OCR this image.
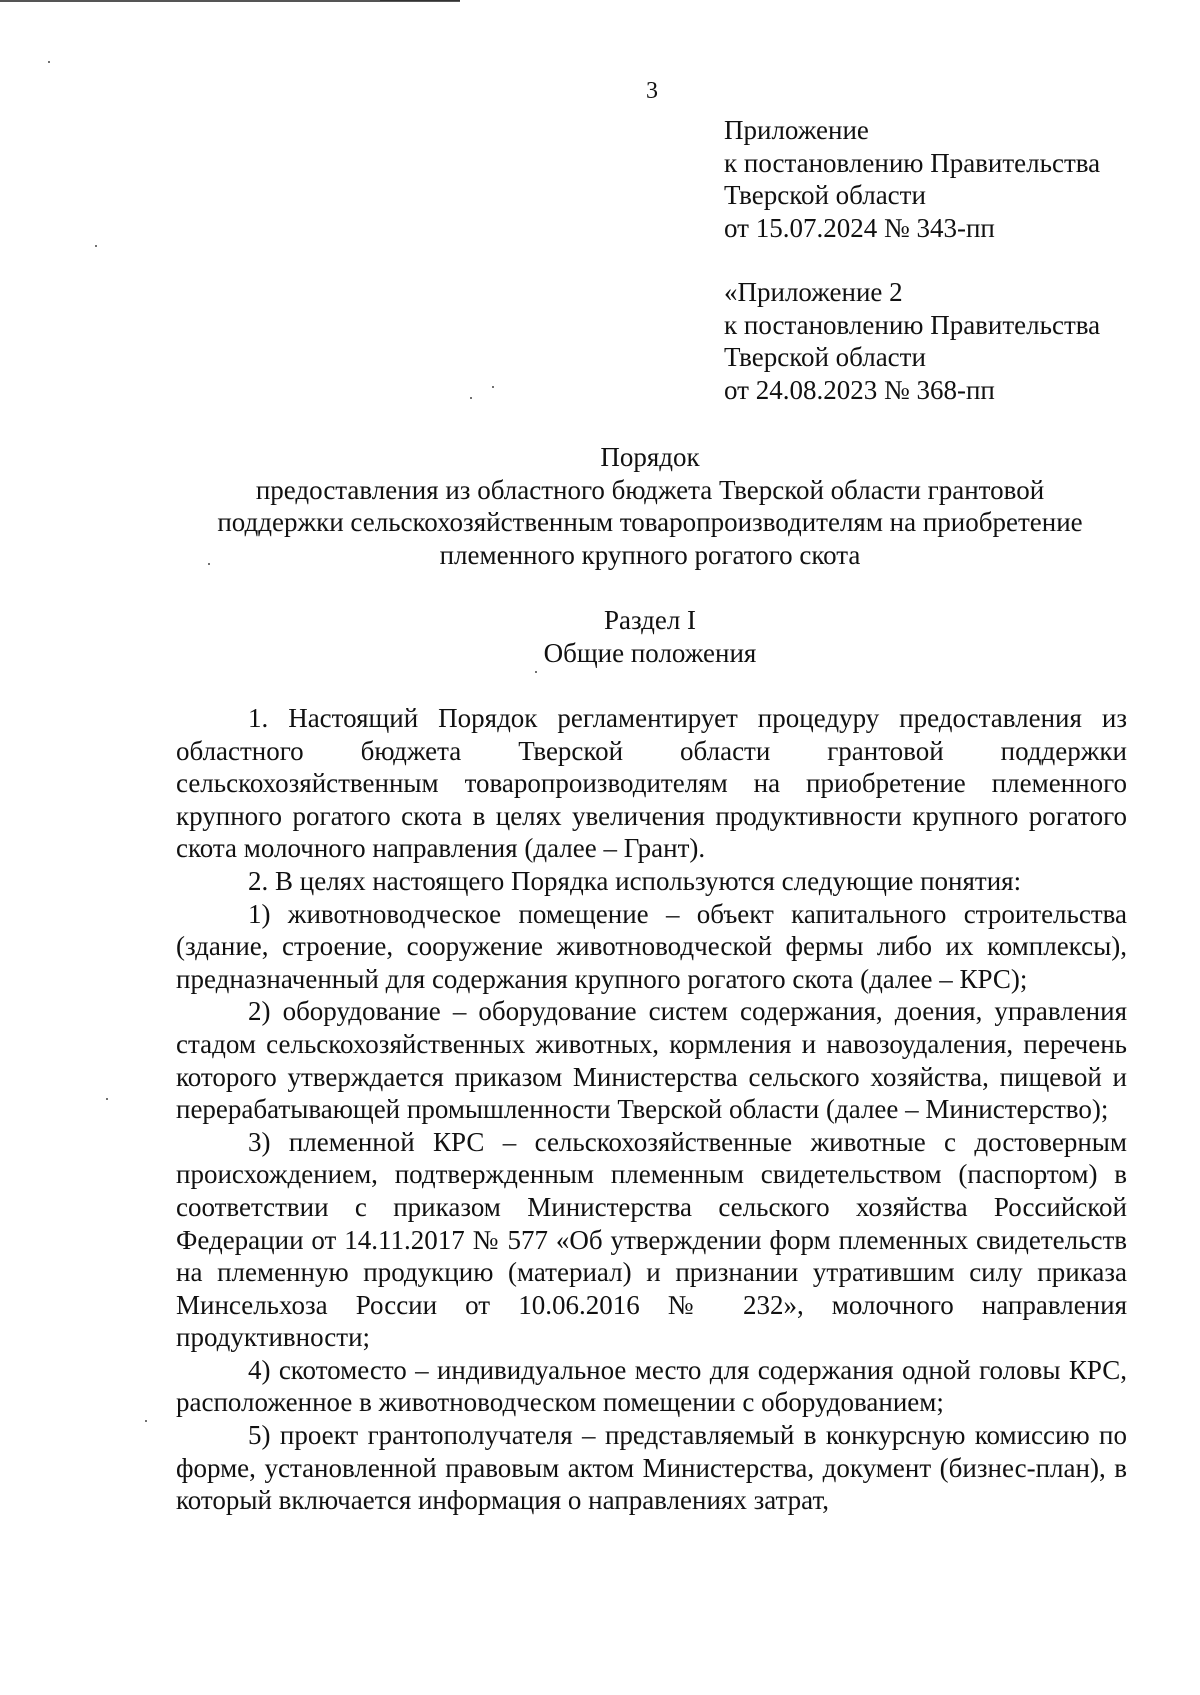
3
Приложение
к постановлению Правительства
Тверской области
от 15.07.2024 № 343-пп
«Приложение 2
к постановлению Правительства
Тверской области
от 24.08.2023 № 368-пп
Порядок
предоставления из областного бюджета Тверской области грантовой
поддержки сельскохозяйственным товаропроизводителям на приобретение
племенного крупного рогатого скота
Раздел I
Общие положения

1. Настоящий Порядок регламентирует процедуру предоставления из областного бюджета Тверской области грантовой поддержки сельскохозяйственным товаропроизводителям на приобретение племенного крупного рогатого скота в целях увеличения продуктивности крупного рогатого скота молочного направления (далее – Грант).

2. В целях настоящего Порядка используются следующие понятия:

1) животноводческое помещение – объект капитального строительства (здание, строение, сооружение животноводческой фермы либо их комплексы), предназначенный для содержания крупного рогатого скота (далее – КРС);

2) оборудование – оборудование систем содержания, доения, управления стадом сельскохозяйственных животных, кормления и навозоудаления, перечень которого утверждается приказом Министерства сельского хозяйства, пищевой и перерабатывающей промышленности Тверской области (далее – Министерство);

3) племенной КРС – сельскохозяйственные животные с достоверным происхождением, подтвержденным племенным свидетельством (паспортом) в соответствии с приказом Министерства сельского хозяйства Российской Федерации от 14.11.2017 № 577 «Об утверждении форм племенных свидетельств на племенную продукцию (материал) и признании утратившим силу приказа Минсельхоза России от 10.06.2016 № 232», молочного направления продуктивности;

4) скотоместо – индивидуальное место для содержания одной головы КРС, расположенное в животноводческом помещении с оборудованием;

5) проект грантополучателя – представляемый в конкурсную комиссию по форме, установленной правовым актом Министерства, документ (бизнес-план), в который включается информация о направлениях затрат,
